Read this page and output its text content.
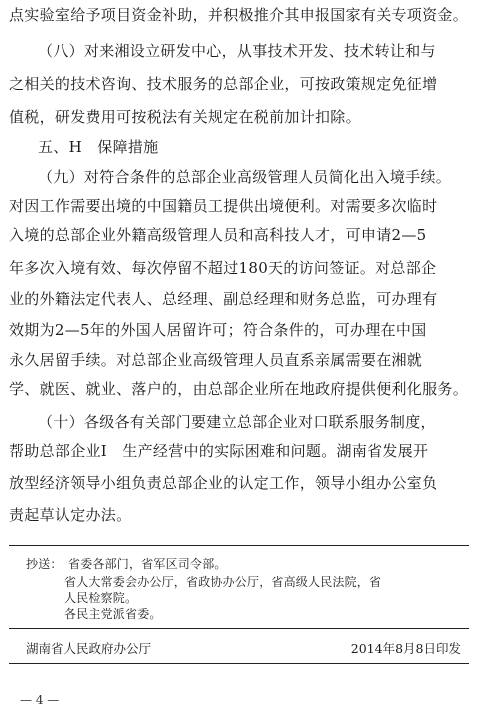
点实验室给予项目资金补助，并积极推介其申报国家有关专项资金。
（八）对来湘设立研发中心，从事技术开发、技术转让和与
之相关的技术咨询、技术服务的总部企业，可按政策规定免征增
值税，研发费用可按税法有关规定在税前加计扣除。
五、H　保障措施
（九）对符合条件的总部企业高级管理人员简化出入境手续。
对因工作需要出境的中国籍员工提供出境便利。对需要多次临时
入境的总部企业外籍高级管理人员和高科技人才，可申请2—5
年多次入境有效、每次停留不超过180天的访问签证。对总部企
业的外籍法定代表人、总经理、副总经理和财务总监，可办理有
效期为2—5年的外国人居留许可；符合条件的，可办理在中国
永久居留手续。对总部企业高级管理人员直系亲属需要在湘就
学、就医、就业、落户的，由总部企业所在地政府提供便利化服务。
（十）各级各有关部门要建立总部企业对口联系服务制度，
帮助总部企业I　生产经营中的实际困难和问题。湖南省发展开
放型经济领导小组负责总部企业的认定工作，领导小组办公室负
责起草认定办法。
抄送： 省委各部门，省军区司令部。
省人大常委会办公厅，省政协办公厅，省高级人民法院，省
人民检察院。
各民主党派省委。
湖南省人民政府办公厅	2014年8月8日印发
— 4 —
